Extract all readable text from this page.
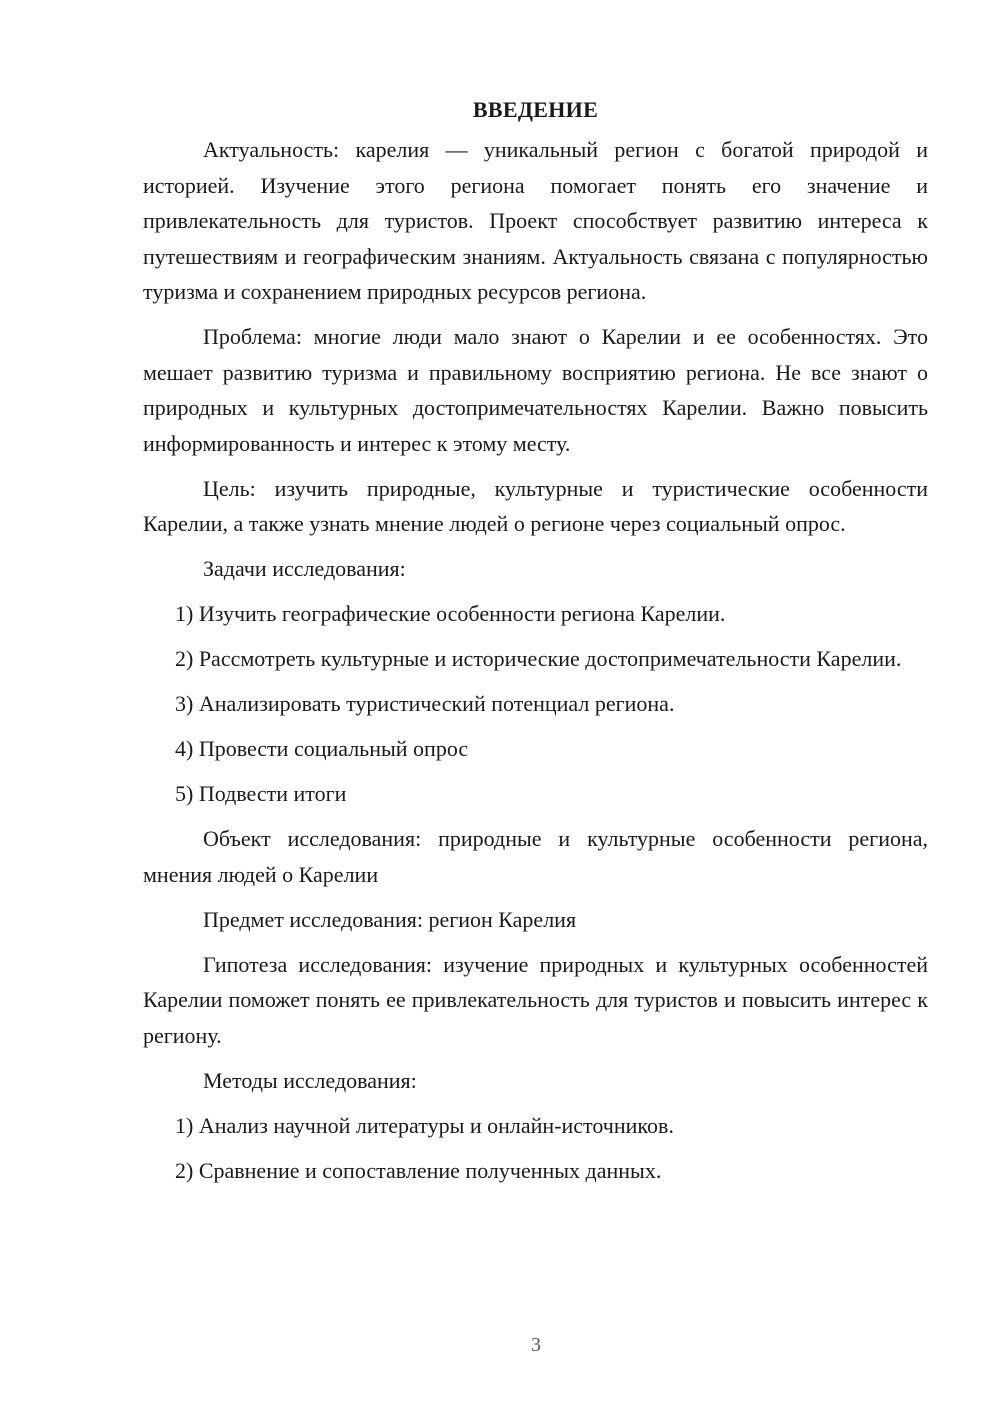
ВВЕДЕНИЕ

Актуальность: карелия — уникальный регион с богатой природой и историей. Изучение этого региона помогает понять его значение и привлекательность для туристов. Проект способствует развитию интереса к путешествиям и географическим знаниям. Актуальность связана с популярностью туризма и сохранением природных ресурсов региона.

Проблема: многие люди мало знают о Карелии и ее особенностях. Это мешает развитию туризма и правильному восприятию региона. Не все знают о природных и культурных достопримечательностях Карелии. Важно повысить информированность и интерес к этому месту.

Цель: изучить природные, культурные и туристические особенности Карелии, а также узнать мнение людей о регионе через социальный опрос.

Задачи исследования:

1) Изучить географические особенности региона Карелии.

2) Рассмотреть культурные и исторические достопримечательности Карелии.

3) Анализировать туристический потенциал региона.

4) Провести социальный опрос

5) Подвести итоги

Объект исследования: природные и культурные особенности региона, мнения людей о Карелии

Предмет исследования: регион Карелия

Гипотеза исследования: изучение природных и культурных особенностей Карелии поможет понять ее привлекательность для туристов и повысить интерес к региону.

Методы исследования:

1) Анализ научной литературы и онлайн-источников.

2) Сравнение и сопоставление полученных данных.

3
